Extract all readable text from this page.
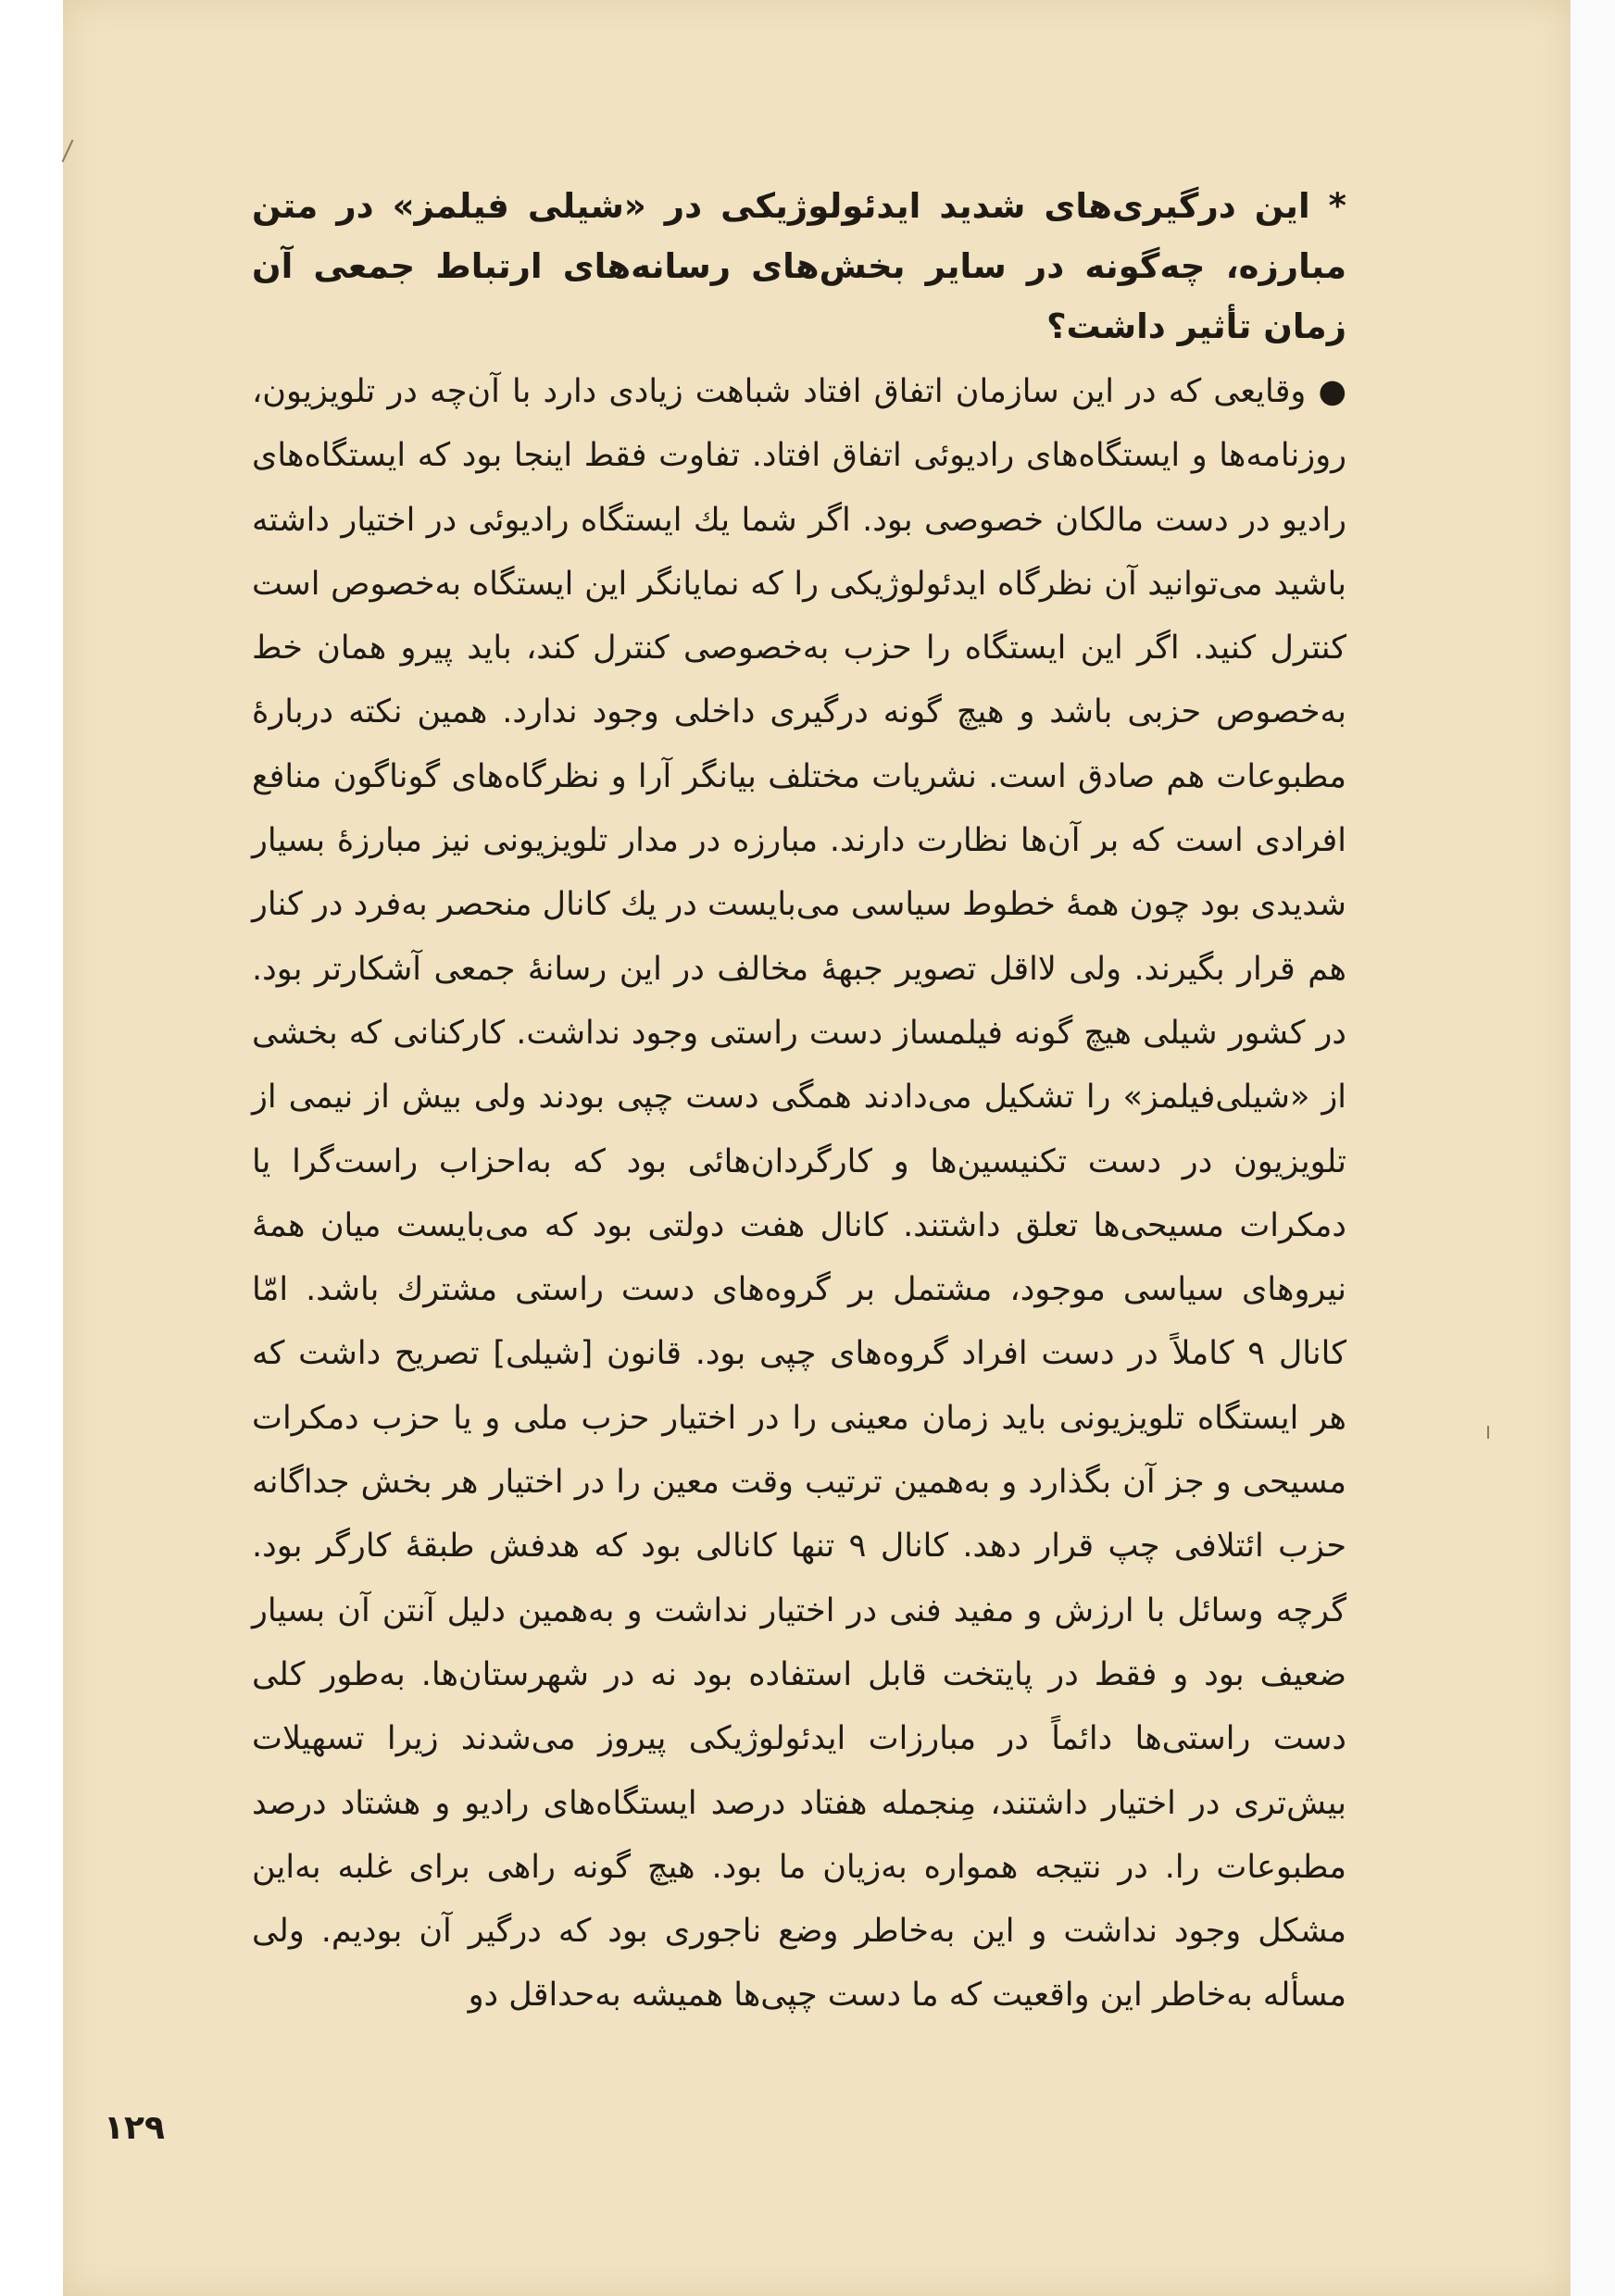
* این درگیری‌های شدید ایدئولوژیکی در «شیلی فیلمز» در متن مبارزه، چه‌گونه در سایر بخش‌های رسانه‌های ارتباط جمعی آن زمان تأثیر داشت؟

● وقایعی که در این سازمان اتفاق افتاد شباهت زیادی دارد با آن‌چه در تلویزیون، روزنامه‌ها و ایستگاه‌های رادیوئی اتفاق افتاد. تفاوت فقط اینجا بود که ایستگاه‌های رادیو در دست مالکان خصوصی بود. اگر شما یك ایستگاه رادیوئی در اختیار داشته باشید می‌توانید آن نظرگاه ایدئولوژیکی را که نمایانگر این ایستگاه به‌خصوص است کنترل کنید. اگر این ایستگاه را حزب به‌خصوصی کنترل کند، باید پیرو همان خط به‌خصوص حزبی باشد و هیچ گونه درگیری داخلی وجود ندارد. همین نکته دربارهٔ مطبوعات هم صادق است. نشریات مختلف بیانگر آرا و نظرگاه‌های گوناگون منافع افرادی است که بر آن‌ها نظارت دارند. مبارزه در مدار تلویزیونی نیز مبارزهٔ بسیار شدیدی بود چون همهٔ خطوط سیاسی می‌بایست در یك کانال منحصر به‌فرد در کنار هم قرار بگیرند. ولی لااقل تصویر جبههٔ مخالف در این رسانهٔ جمعی آشکارتر بود. در کشور شیلی هیچ گونه فیلمساز دست راستی وجود نداشت. کارکنانی که بخشی از «شیلی‌فیلمز» را تشکیل می‌دادند همگی دست چپی بودند ولی بیش از نیمی از تلویزیون در دست تکنیسین‌ها و کارگردان‌هائی بود که به‌احزاب راست‌گرا یا دمکرات مسیحی‌ها تعلق داشتند. کانال هفت دولتی بود که می‌بایست میان همهٔ نیروهای سیاسی موجود، مشتمل بر گروه‌های دست راستی مشترك باشد. امّا کانال ۹ کاملاً در دست افراد گروه‌های چپی بود. قانون [شیلی] تصریح داشت که هر ایستگاه تلویزیونی باید زمان معینی را در اختیار حزب ملی و یا حزب دمکرات مسیحی و جز آن بگذارد و به‌همین ترتیب وقت معین را در اختیار هر بخش جداگانه حزب ائتلافی چپ قرار دهد. کانال ۹ تنها کانالی بود که هدفش طبقهٔ کارگر بود. گرچه وسائل با ارزش و مفید فنی در اختیار نداشت و به‌همین دلیل آنتن آن بسیار ضعیف بود و فقط در پایتخت قابل استفاده بود نه در شهرستان‌ها. به‌طور کلی دست راستی‌ها دائماً در مبارزات ایدئولوژیکی پیروز می‌شدند زیرا تسهیلات بیش‌تری در اختیار داشتند، مِنجمله هفتاد درصد ایستگاه‌های رادیو و هشتاد درصد مطبوعات را. در نتیجه همواره به‌زیان ما بود. هیچ گونه راهی برای غلبه به‌این مشکل وجود نداشت و این به‌خاطر وضع ناجوری بود که درگیر آن بودیم. ولی مسأله به‌خاطر این واقعیت که ما دست چپی‌ها همیشه به‌حداقل دو

۱۲۹
